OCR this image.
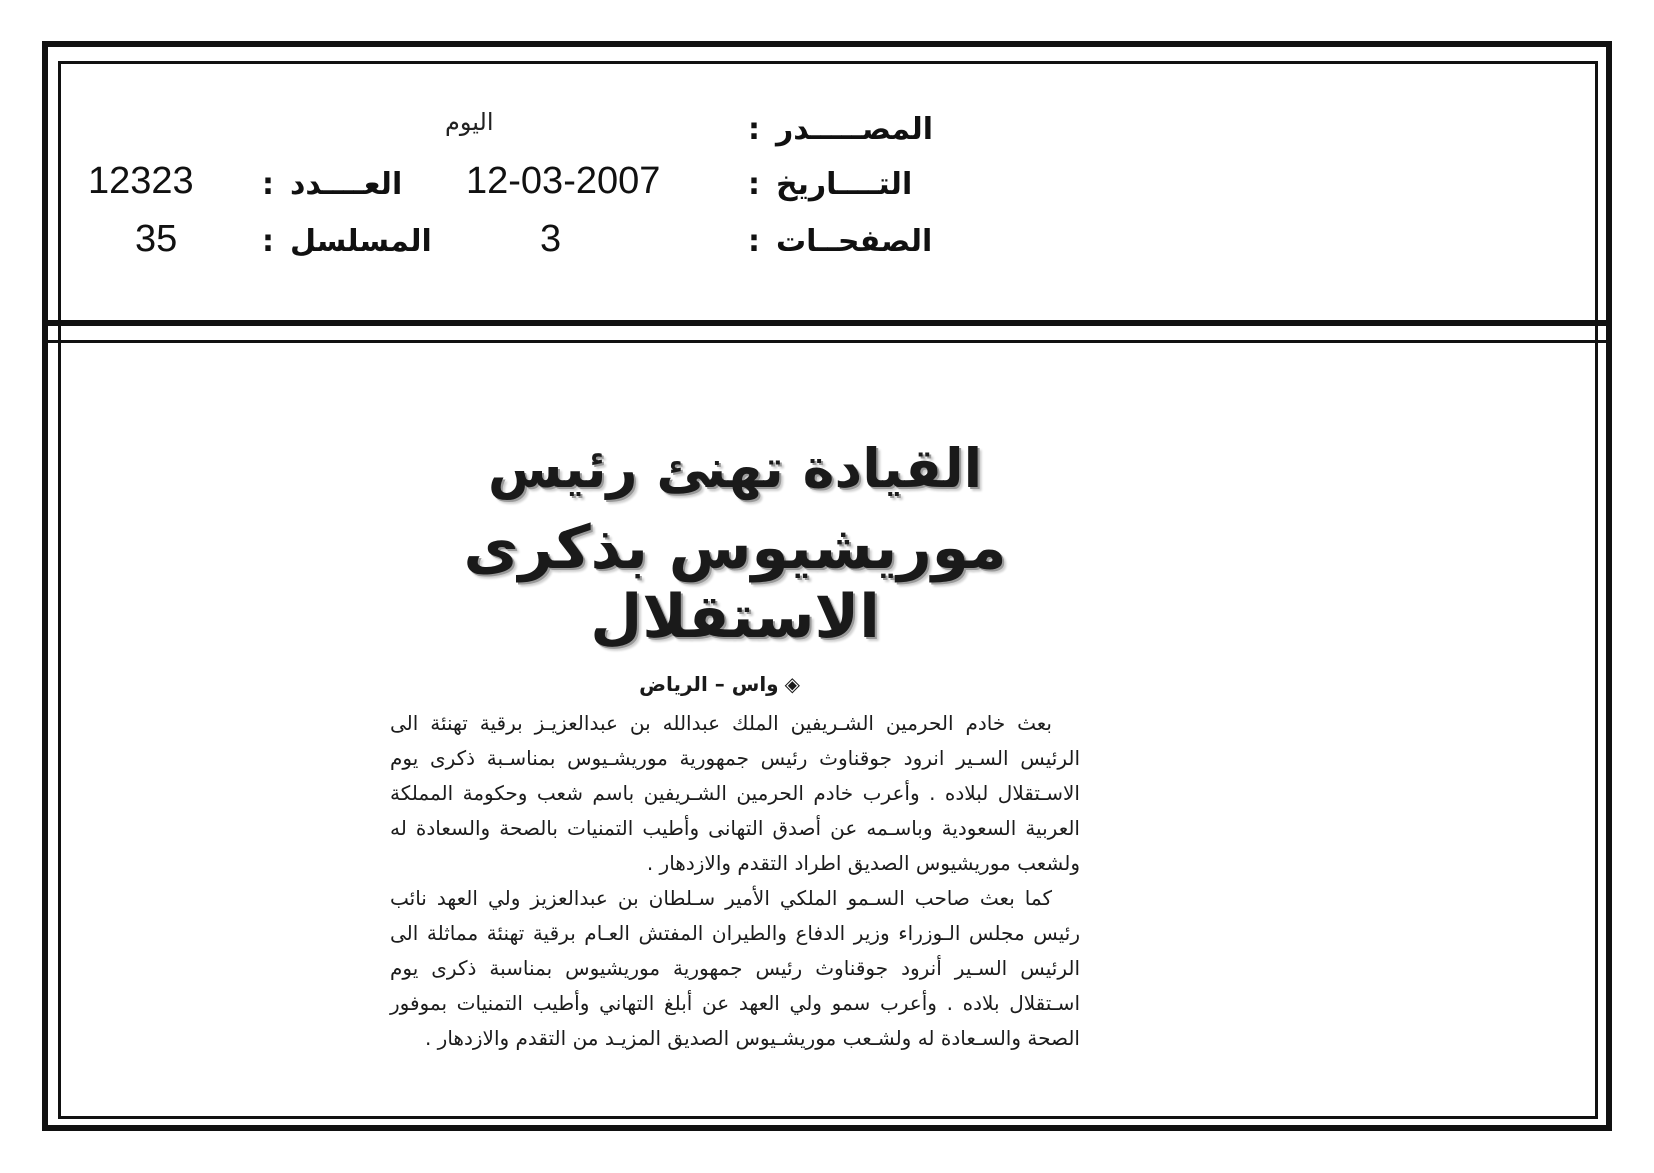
المصـــــدر
:
اليوم
التــــاريخ
:
12-03-2007
الصفحــات
:
3
العــــدد
:
12323
المسلسل
:
35
القيادة تهنئ رئيس
موريشيوس بذكرى الاستقلال
◈واس – الرياض

بعث خادم الحرمين الشـريفين الملك عبدالله بن عبدالعزيـز برقية تهنئة الى الرئيس السـير انرود جوقناوث رئيس جمهورية موريشـيوس بمناسـبة ذكرى يوم الاسـتقلال لبلاده . وأعرب خادم الحرمين الشـريفين باسم شعب وحكومة المملكة العربية السعودية وباسـمه عن أصدق التهانى وأطيب التمنيات بالصحة والسعادة له ولشعب موريشيوس الصديق اطراد التقدم والازدهار .

كما بعث صاحب السـمو الملكي الأمير سـلطان بن عبدالعزيز ولي العهد نائب رئيس مجلس الـوزراء وزير الدفاع والطيران المفتش العـام برقية تهنئة مماثلة الى الرئيس السـير أنرود جوقناوث رئيس جمهورية موريشيوس بمناسبة ذكرى يوم اسـتقلال بلاده . وأعرب سمو ولي العهد عن أبلغ التهاني وأطيب التمنيات بموفور الصحة والسـعادة له ولشـعب موريشـيوس الصديق المزيـد من التقدم والازدهار .
